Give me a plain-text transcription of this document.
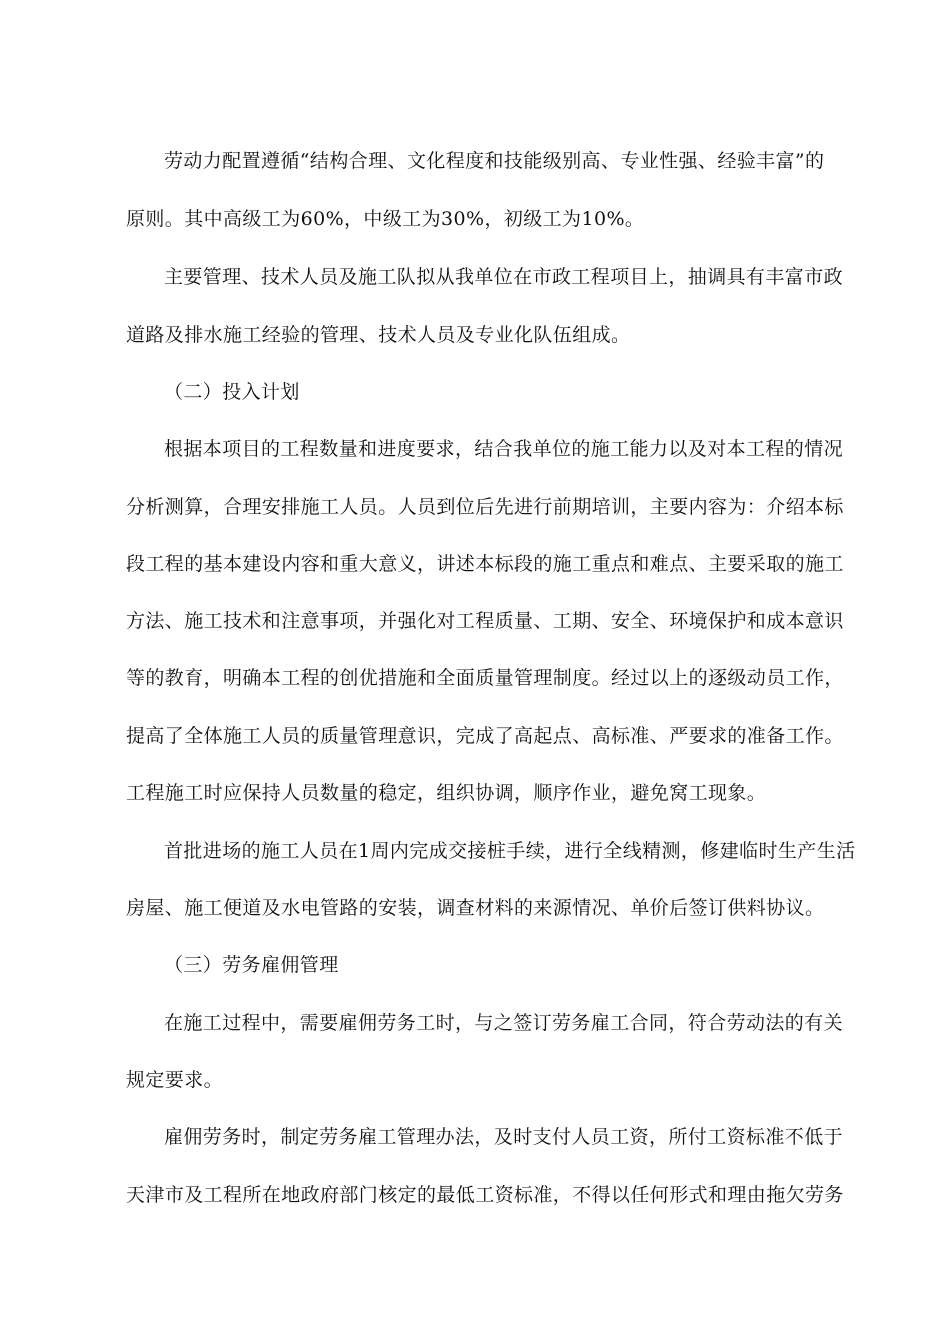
劳动力配置遵循“结构合理、文化程度和技能级别高、专业性强、经验丰富”的

原则。其中高级工为60%，中级工为30%，初级工为10%。

主要管理、技术人员及施工队拟从我单位在市政工程项目上，抽调具有丰富市政

道路及排水施工经验的管理、技术人员及专业化队伍组成。

（二）投入计划

根据本项目的工程数量和进度要求，结合我单位的施工能力以及对本工程的情况

分析测算，合理安排施工人员。人员到位后先进行前期培训，主要内容为：介绍本标

段工程的基本建设内容和重大意义，讲述本标段的施工重点和难点、主要采取的施工

方法、施工技术和注意事项，并强化对工程质量、工期、安全、环境保护和成本意识

等的教育，明确本工程的创优措施和全面质量管理制度。经过以上的逐级动员工作，

提高了全体施工人员的质量管理意识，完成了高起点、高标准、严要求的准备工作。

工程施工时应保持人员数量的稳定，组织协调，顺序作业，避免窝工现象。

首批进场的施工人员在1周内完成交接桩手续，进行全线精测，修建临时生产生活

房屋、施工便道及水电管路的安装，调查材料的来源情况、单价后签订供料协议。

（三）劳务雇佣管理

在施工过程中，需要雇佣劳务工时，与之签订劳务雇工合同，符合劳动法的有关

规定要求。

雇佣劳务时，制定劳务雇工管理办法，及时支付人员工资，所付工资标准不低于

天津市及工程所在地政府部门核定的最低工资标准，不得以任何形式和理由拖欠劳务
